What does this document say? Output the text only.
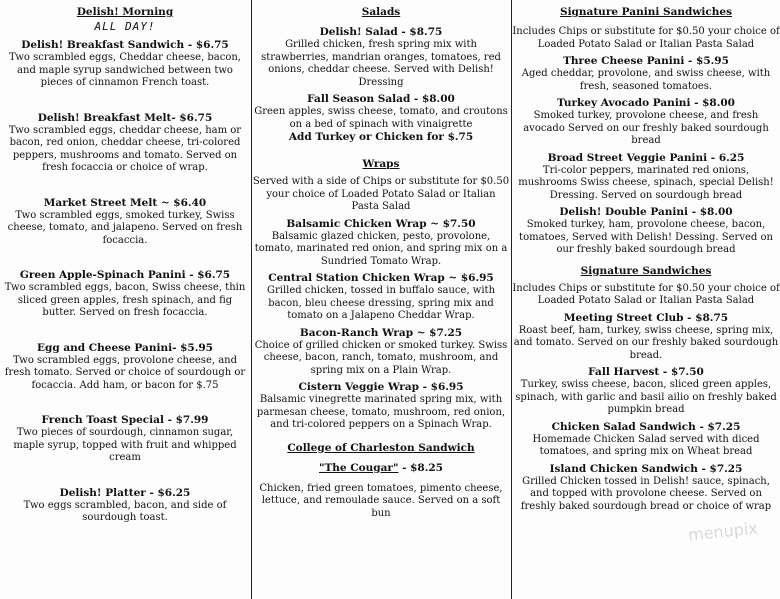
Delish! Morning
ALL DAY!
Delish! Breakfast Sandwich - $6.75
Two scrambled eggs, Cheddar cheese, bacon, and maple syrup sandwiched between two pieces of cinnamon French toast.
Delish! Breakfast Melt- $6.75
Two scrambled eggs, cheddar cheese, ham or bacon, red onion, cheddar cheese, tri-colored peppers, mushrooms and tomato. Served on fresh focaccia or choice of wrap.
Market Street Melt ~ $6.40
Two scrambled eggs, smoked turkey, Swiss cheese, tomato, and jalapeno. Served on fresh focaccia.
Green Apple-Spinach Panini - $6.75
Two scrambled eggs, bacon, Swiss cheese, thin sliced green apples, fresh spinach, and fig butter. Served on fresh focaccia.
Egg and Cheese Panini- $5.95
Two scrambled eggs, provolone cheese, and fresh tomato. Served or choice of sourdough or focaccia. Add ham, or bacon for $.75
French Toast Special - $7.99
Two pieces of sourdough, cinnamon sugar, maple syrup, topped with fruit and whipped cream
Delish! Platter - $6.25
Two eggs scrambled, bacon, and side of sourdough toast.
Salads
Delish! Salad - $8.75
Grilled chicken, fresh spring mix with strawberries, mandrian oranges, tomatoes, red onions, cheddar cheese. Served with Delish! Dressing
Fall Season Salad - $8.00
Green apples, swiss cheese, tomato, and croutons on a bed of spinach with vinaigrette
Add Turkey or Chicken for $.75
Wraps
Served with a side of Chips or substitute for $0.50 your choice of Loaded Potato Salad or Italian Pasta Salad
Balsamic Chicken Wrap ~ $7.50
Balsamic glazed chicken, pesto, provolone, tomato, marinated red onion, and spring mix on a Sundried Tomato Wrap.
Central Station Chicken Wrap ~ $6.95
Grilled chicken, tossed in buffalo sauce, with bacon, bleu cheese dressing, spring mix and tomato on a Jalapeno Cheddar Wrap.
Bacon-Ranch Wrap ~ $7.25
Choice of grilled chicken or smoked turkey. Swiss cheese, bacon, ranch, tomato, mushroom, and spring mix on a Plain Wrap.
Cistern Veggie Wrap - $6.95
Balsamic vinegrette marinated spring mix, with parmesan cheese, tomato, mushroom, red onion, and tri-colored peppers on a Spinach Wrap.
College of Charleston Sandwich
"The Cougar" - $8.25
Chicken, fried green tomatoes, pimento cheese, lettuce, and remoulade sauce. Served on a soft bun
Signature Panini Sandwiches
Includes Chips or substitute for $0.50 your choice of Loaded Potato Salad or Italian Pasta Salad
Three Cheese Panini - $5.95
Aged cheddar, provolone, and swiss cheese, with fresh, seasoned tomatoes.
Turkey Avocado Panini - $8.00
Smoked turkey, provolone cheese, and fresh avocado Served on our freshly baked sourdough bread
Broad Street Veggie Panini - 6.25
Tri-color peppers, marinated red onions, mushrooms Swiss cheese, spinach, special Delish! Dressing. Served on sourdough bread
Delish! Double Panini - $8.00
Smoked turkey, ham, provolone cheese, bacon, tomatoes, Served with Delish! Dessing. Served on our freshly baked sourdough bread
Signature Sandwiches
Includes Chips or substitute for $0.50 your choice of Loaded Potato Salad or Italian Pasta Salad
Meeting Street Club - $8.75
Roast beef, ham, turkey, swiss cheese, spring mix, and tomato. Served on our freshly baked sourdough bread.
Fall Harvest - $7.50
Turkey, swiss cheese, bacon, sliced green apples, spinach, with garlic and basil ailio on freshly baked pumpkin bread
Chicken Salad Sandwich - $7.25
Homemade Chicken Salad served with diced tomatoes, and spring mix on Wheat bread
Island Chicken Sandwich - $7.25
Grilled Chicken tossed in Delish! sauce, spinach, and topped with provolone cheese. Served on freshly baked sourdough bread or choice of wrap
menupix
